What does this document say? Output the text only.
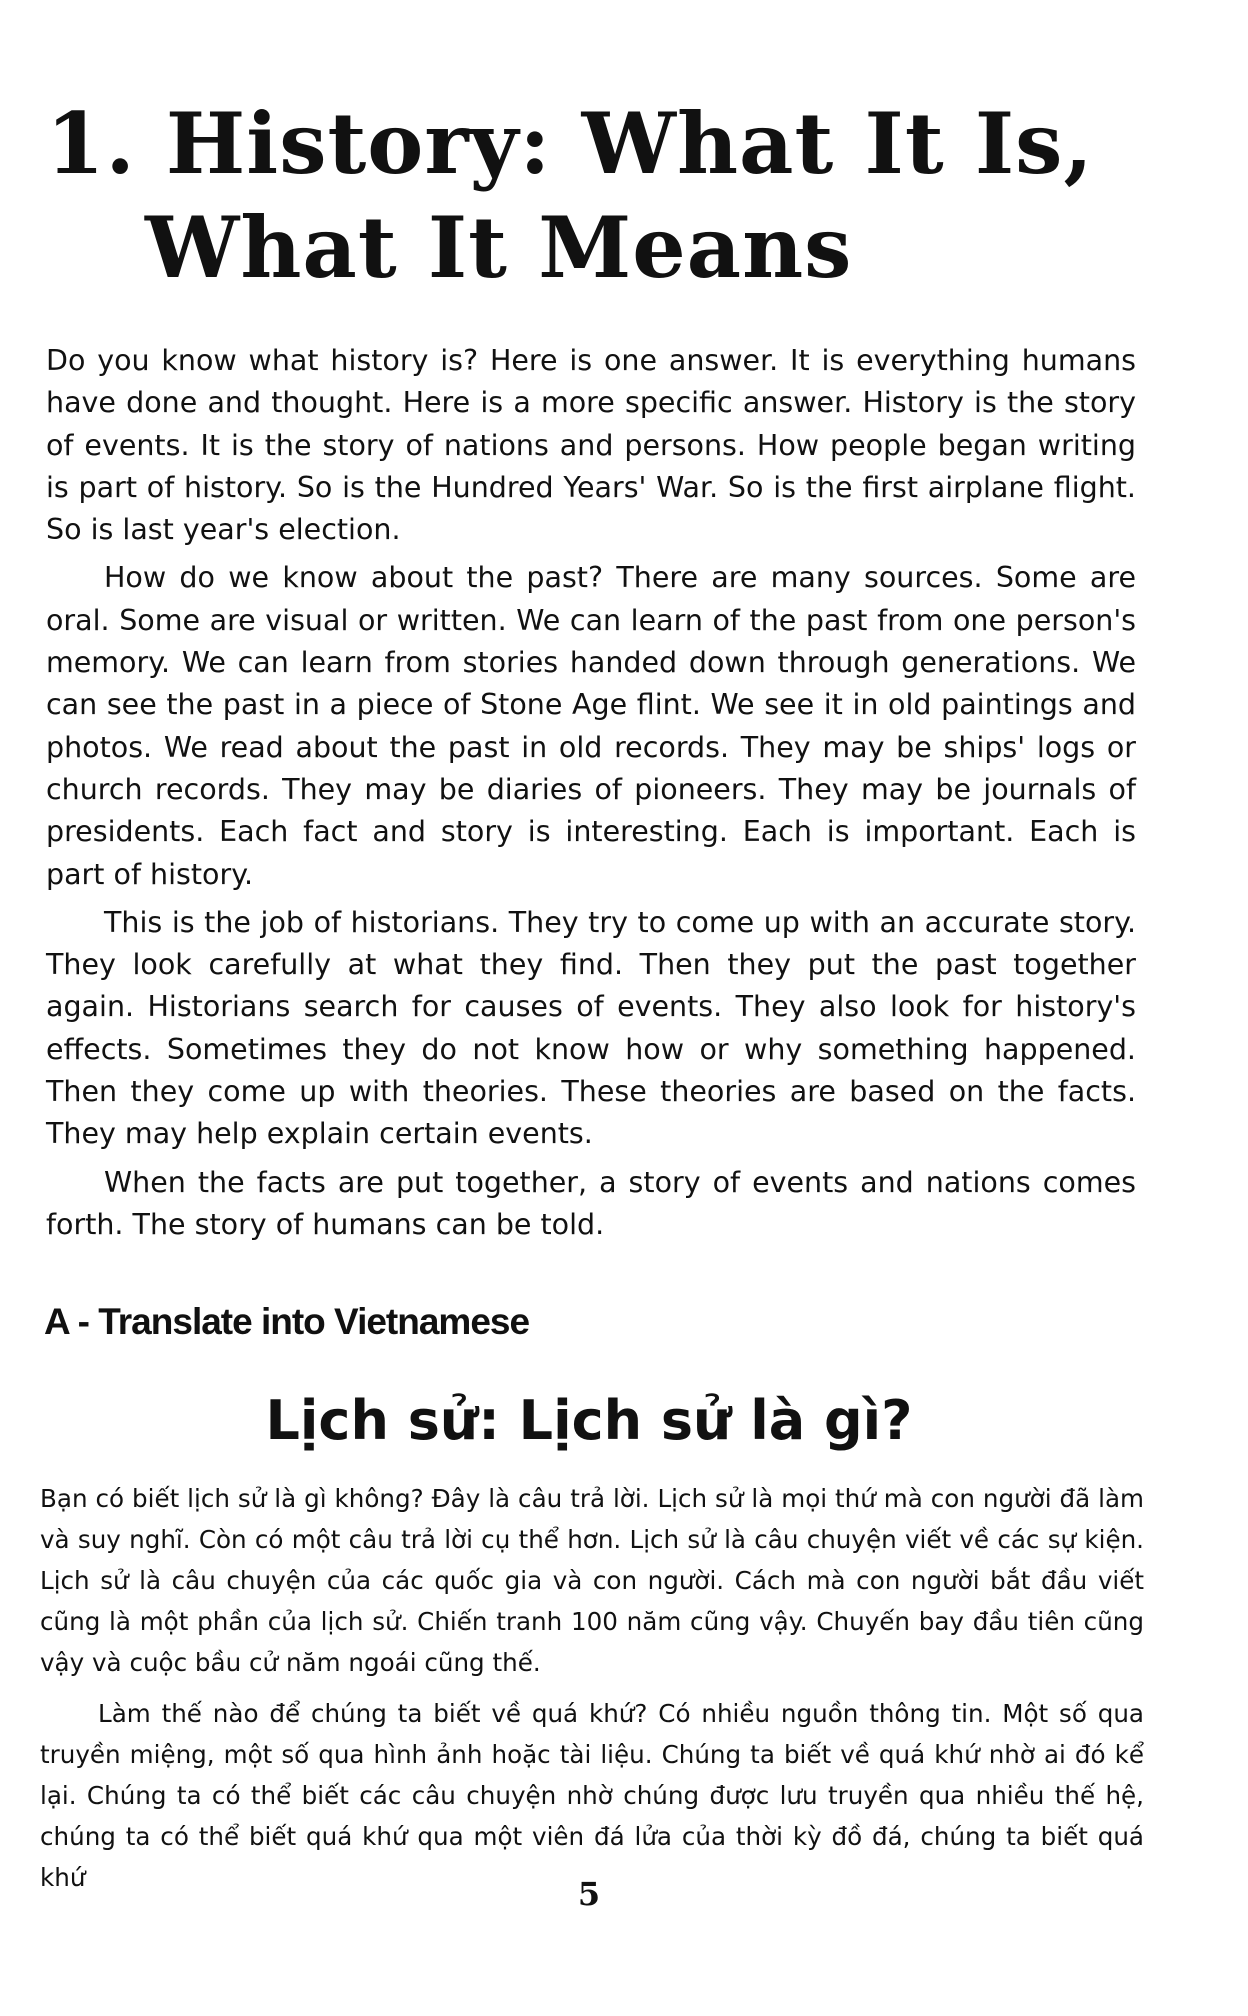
1. History: What It Is,
What It Means

Do you know what history is? Here is one answer. It is everything humans have done and thought. Here is a more specific answer. History is the story of events. It is the story of nations and persons. How people began writing is part of history. So is the Hundred Years' War. So is the first airplane flight. So is last year's election.

How do we know about the past? There are many sources. Some are oral. Some are visual or written. We can learn of the past from one person's memory. We can learn from stories handed down through generations. We can see the past in a piece of Stone Age flint. We see it in old paintings and photos. We read about the past in old records. They may be ships' logs or church records. They may be diaries of pioneers. They may be journals of presidents. Each fact and story is interesting. Each is important. Each is part of history.

This is the job of historians. They try to come up with an accurate story. They look carefully at what they find. Then they put the past together again. Historians search for causes of events. They also look for history's effects. Sometimes they do not know how or why something happened. Then they come up with theories. These theories are based on the facts. They may help explain certain events.

When the facts are put together, a story of events and nations comes forth. The story of humans can be told.

A - Translate into Vietnamese
Lịch sử: Lịch sử là gì?

Bạn có biết lịch sử là gì không? Đây là câu trả lời. Lịch sử là mọi thứ mà con người đã làm và suy nghĩ. Còn có một câu trả lời cụ thể hơn. Lịch sử là câu chuyện viết về các sự kiện. Lịch sử là câu chuyện của các quốc gia và con người. Cách mà con người bắt đầu viết cũng là một phần của lịch sử. Chiến tranh 100 năm cũng vậy. Chuyến bay đầu tiên cũng vậy và cuộc bầu cử năm ngoái cũng thế.

Làm thế nào để chúng ta biết về quá khứ? Có nhiều nguồn thông tin. Một số qua truyền miệng, một số qua hình ảnh hoặc tài liệu. Chúng ta biết về quá khứ nhờ ai đó kể lại. Chúng ta có thể biết các câu chuyện nhờ chúng được lưu truyền qua nhiều thế hệ, chúng ta có thể biết quá khứ qua một viên đá lửa của thời kỳ đồ đá, chúng ta biết quá khứ	5
